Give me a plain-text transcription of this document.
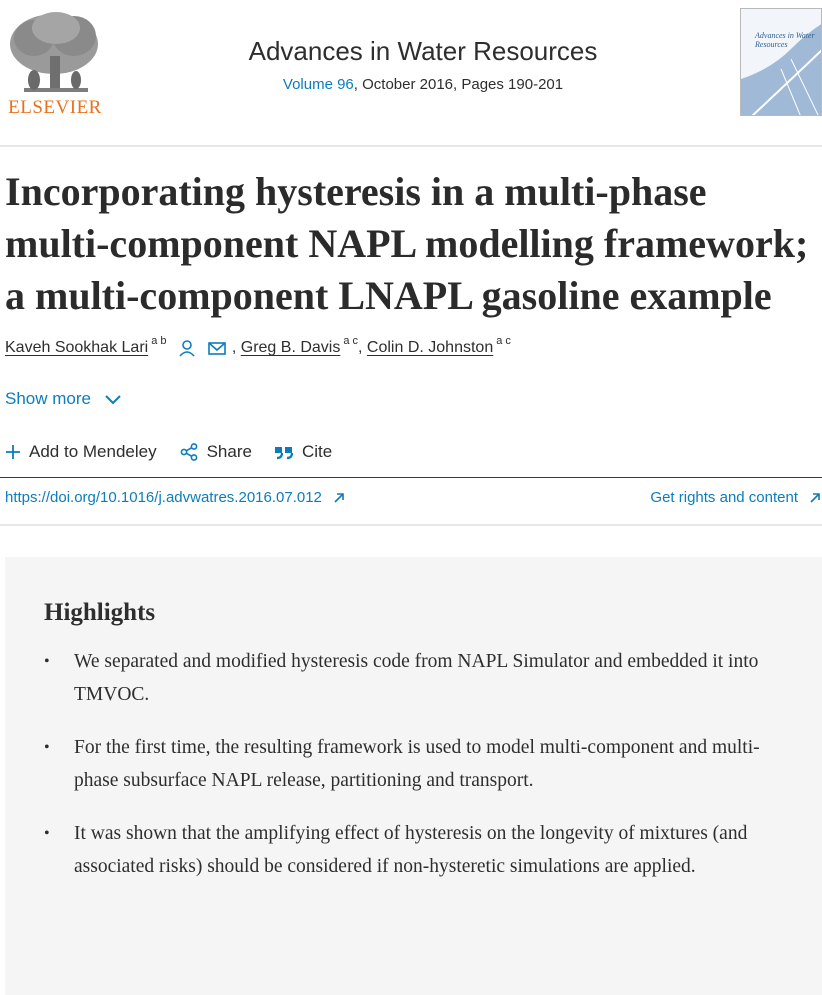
ELSEVIER
Advances in Water Resources
Volume 96, October 2016, Pages 190-201
Advances in Water Resources
Incorporating hysteresis in a multi-phase multi-component NAPL modelling framework; a multi-component LNAPL gasoline example
Kaveh Sookhak Lari $^{a b}$	, Greg B. Davis $^{a c}$, Colin D. Johnston $^{a c}$
Show more
Add to Mendeley	Share	Cite
https://doi.org/10.1016/j.advwatres.2016.07.012	Get rights and content
Highlights
• We separated and modified hysteresis code from NAPL Simulator and embedded it into TMVOC.
• For the first time, the resulting framework is used to model multi-component and multi-phase subsurface NAPL release, partitioning and transport.
• It was shown that the amplifying effect of hysteresis on the longevity of mixtures (and associated risks) should be considered if non-hysteretic simulations are applied.
